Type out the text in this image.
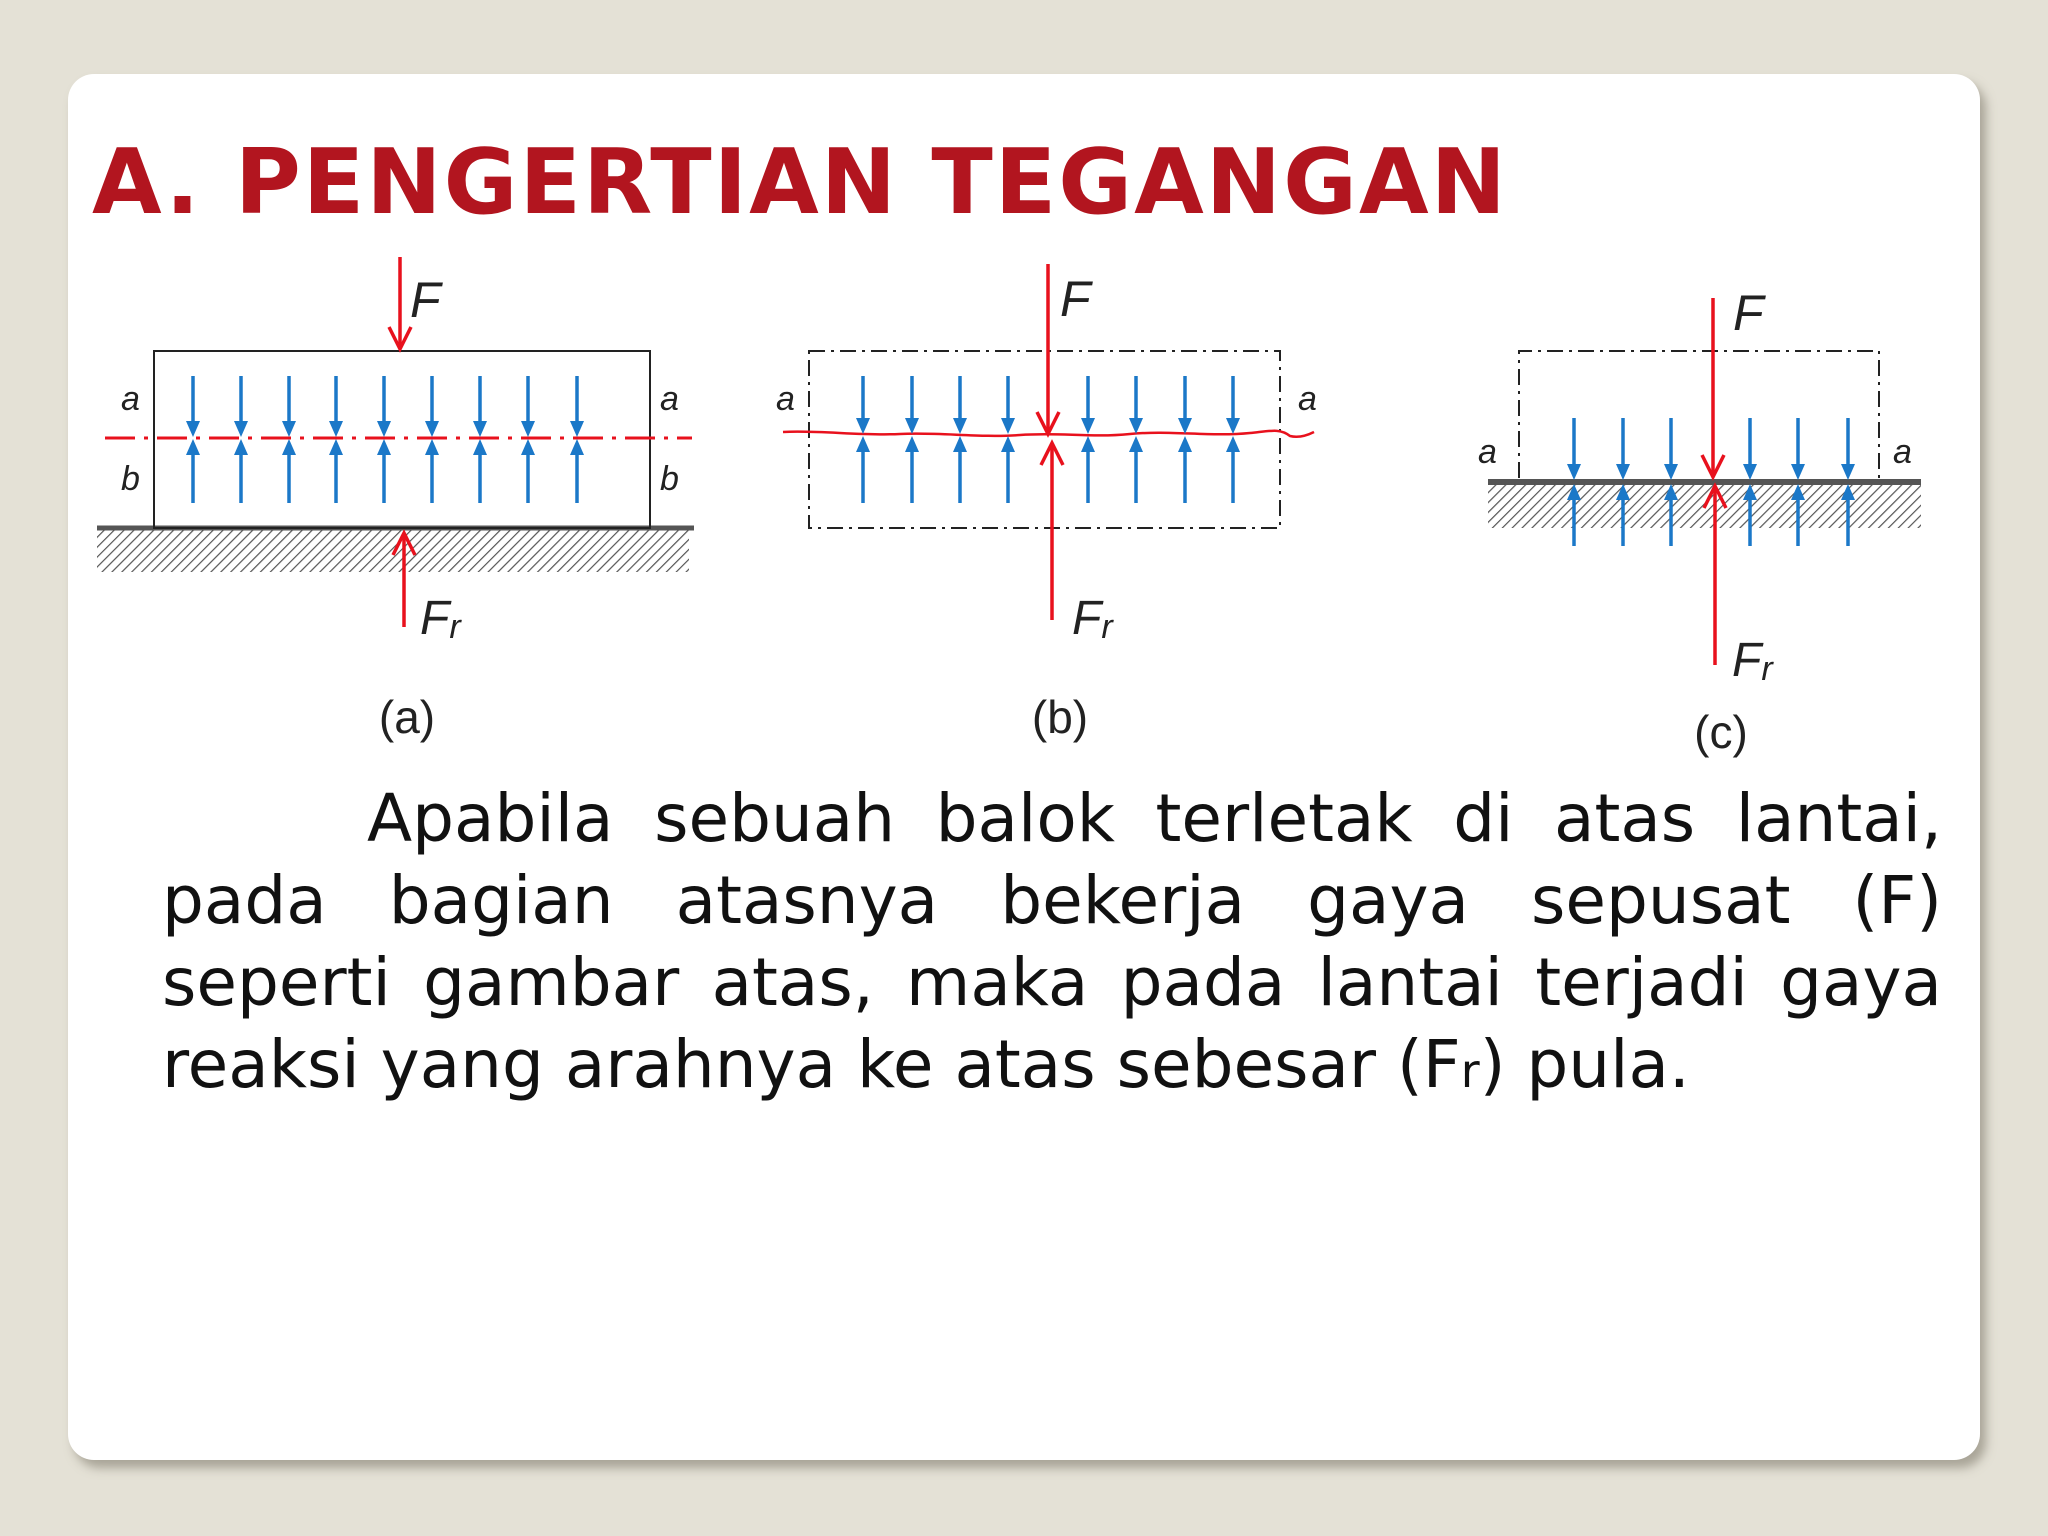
A. PENGERTIAN TEGANGAN
F
Fr
a	a
b	b
(a)
F
Fr
a	a
(b)
F
Fr
a	a
(c)

Apabila sebuah balok terletak di atas lantai, pada bagian atasnya bekerja gaya sepusat (F) seperti gambar atas, maka pada lantai terjadi gaya reaksi yang arahnya ke atas sebesar (Fr) pula.
